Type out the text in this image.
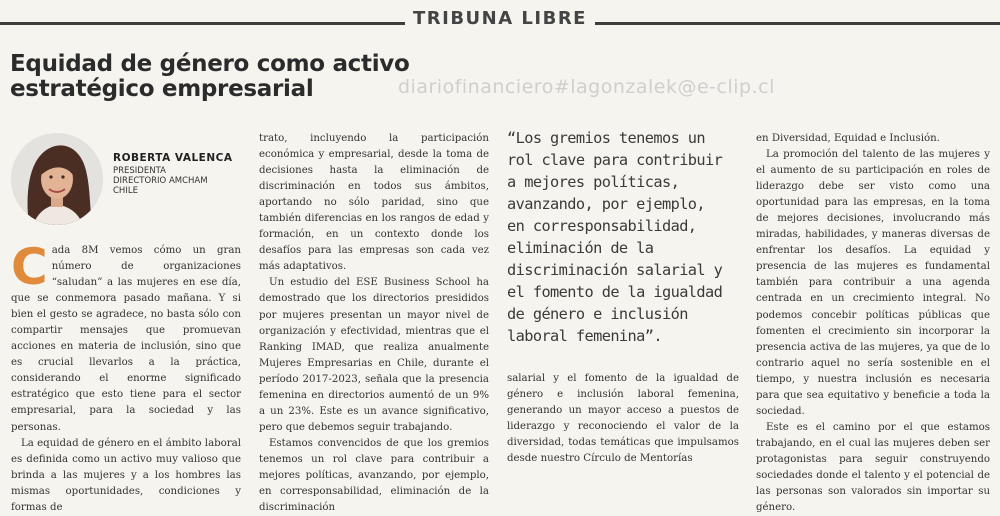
TRIBUNA LIBRE
Equidad de género como activo
estratégico empresarial	diariofinanciero#lagonzalek@e-clip.cl
ROBERTA VALENCA
PRESIDENTA
DIRECTORIO AMCHAM
CHILE

Cada 8M vemos cómo un gran número de organizaciones “saludan” a las mujeres en ese día, que se conmemora pasado mañana. Y si bien el gesto se agradece, no basta sólo con compartir mensajes que promuevan acciones en materia de inclusión, sino que es crucial llevarlos a la práctica, considerando el enorme significado estratégico que esto tiene para el sector empresarial, para la sociedad y las personas.

La equidad de género en el ámbito laboral es definida como un activo muy valioso que brinda a las mujeres y a los hombres las mismas oportunidades, condiciones y formas de

trato, incluyendo la participación económica y empresarial, desde la toma de decisiones hasta la eliminación de discriminación en todos sus ámbitos, aportando no sólo paridad, sino que también diferencias en los rangos de edad y formación, en un contexto donde los desafíos para las empresas son cada vez más adaptativos.

Un estudio del ESE Business School ha demostrado que los directorios presididos por mujeres presentan un mayor nivel de organización y efectividad, mientras que el Ranking IMAD, que realiza anualmente Mujeres Empresarias en Chile, durante el período 2017-2023, señala que la presencia femenina en directorios aumentó de un 9% a un 23%. Este es un avance significativo, pero que debemos seguir trabajando.

Estamos convencidos de que los gremios tenemos un rol clave para contribuir a mejores políticas, avanzando, por ejemplo, en corresponsabilidad, eliminación de la discriminación

“Los gremios tenemos un rol clave para contribuir a mejores políticas, avanzando, por ejemplo, en corresponsabilidad, eliminación de la discriminación salarial y el fomento de la igualdad de género e inclusión laboral femenina”.

salarial y el fomento de la igualdad de género e inclusión laboral femenina, generando un mayor acceso a puestos de liderazgo y reconociendo el valor de la diversidad, todas temáticas que impulsamos desde nuestro Círculo de Mentorías

en Diversidad, Equidad e Inclusión.

La promoción del talento de las mujeres y el aumento de su participación en roles de liderazgo debe ser visto como una oportunidad para las empresas, en la toma de mejores decisiones, involucrando más miradas, habilidades, y maneras diversas de enfrentar los desafíos. La equidad y presencia de las mujeres es fundamental también para contribuir a una agenda centrada en un crecimiento integral. No podemos concebir políticas públicas que fomenten el crecimiento sin incorporar la presencia activa de las mujeres, ya que de lo contrario aquel no sería sostenible en el tiempo, y nuestra inclusión es necesaria para que sea equitativo y beneficie a toda la sociedad.

Este es el camino por el que estamos trabajando, en el cual las mujeres deben ser protagonistas para seguir construyendo sociedades donde el talento y el potencial de las personas son valorados sin importar su género.
